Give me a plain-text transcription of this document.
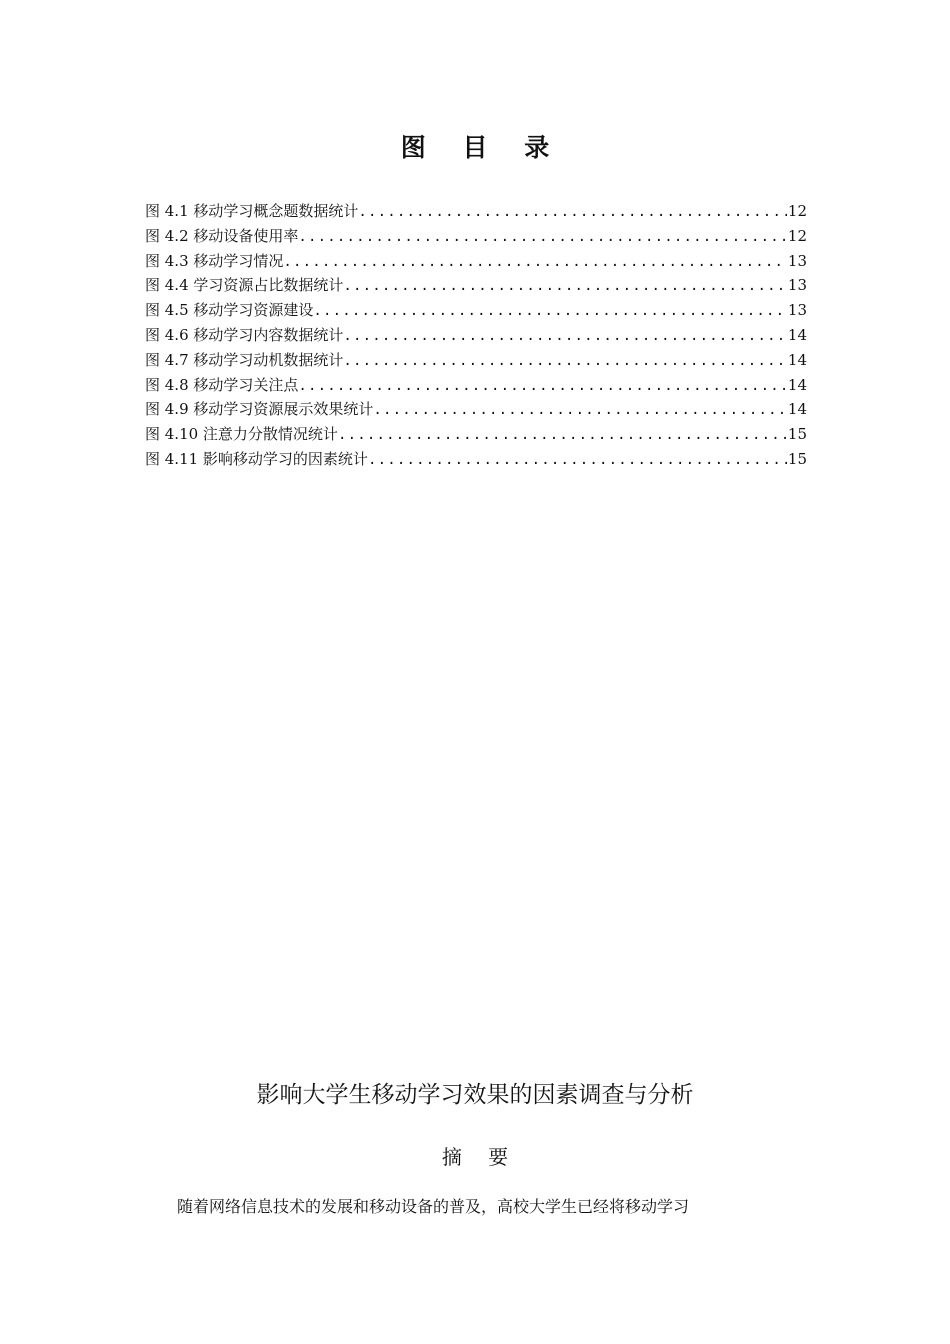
图 目 录
图 4.1 移动学习概念题数据统计 .....	12
图 4.2 移动设备使用率 .....	12
图 4.3 移动学习情况 .....	13
图 4.4 学习资源占比数据统计 .....	13
图 4.5 移动学习资源建设 .....	13
图 4.6 移动学习内容数据统计 .....	14
图 4.7 移动学习动机数据统计 .....	14
图 4.8 移动学习关注点 .....	14
图 4.9 移动学习资源展示效果统计 .....	14
图 4.10 注意力分散情况统计 .....	15
图 4.11 影响移动学习的因素统计 .....	15
影响大学生移动学习效果的因素调查与分析
摘 要
随着网络信息技术的发展和移动设备的普及，高校大学生已经将移动学习
